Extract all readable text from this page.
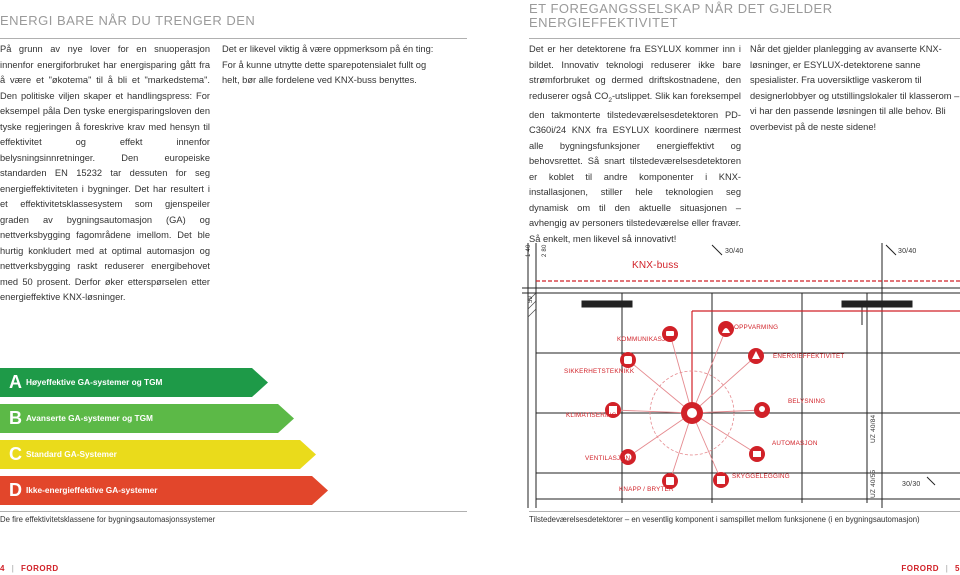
ENERGI BARE NÅR DU TRENGER DEN
ET FOREGANGSSELSKAP NÅR DET GJELDER
ENERGIEFFEKTIVITET

På grunn av nye lover for en snuoperasjon innenfor energiforbruket har energisparing gått fra å være et "økotema" til å bli et "markedstema". Den politiske viljen skaper et handlingspress: For eksempel påla Den tyske energisparingsloven den tyske regjeringen å foreskrive krav med hensyn til effektivitet og effekt innenfor belysningsinnretninger. Den europeiske standarden EN 15232 tar dessuten for seg energieffektiviteten i bygninger. Det har resultert i et effektivitetsklassesystem som gjenspeiler graden av bygningsautomasjon (GA) og nettverksbygging fagområdene imellom. Det ble hurtig konkludert med at optimal automasjon og nettverksbygging raskt reduserer energibehovet med 50 prosent. Derfor øker etterspørselen etter energieffektive KNX-løsninger.

Det er likevel viktig å være oppmerksom på én ting: For å kunne utnytte dette sparepotensialet fullt og helt, bør alle fordelene ved KNX-buss benyttes.

A Høyeffektive GA-systemer og TGM
B Avanserte GA-systemer og TGM
C Standard GA-Systemer
D Ikke-energieffektive GA-systemer
De fire effektivitetsklassene for bygningsautomasjonssystemer

Det er her detektorene fra ESYLUX kommer inn i bildet. Innovativ teknologi reduserer ikke bare strømforbruket og dermed driftskostnadene, den reduserer også $CO_2$-utslippet. Slik kan foreksempel den takmonterte tilstedeværelsesdetektoren PD-C360i/24 KNX fra ESYLUX koordinere nærmest alle bygningsfunksjoner energieffektivt og behovsrettet. Så snart tilstedeværelsesdetektoren er koblet til andre komponenter i KNX-installasjonen, stiller hele teknologien seg dynamisk om til den aktuelle situasjonen – avhengig av personers tilstedeværelse eller fravær. Så enkelt, men likevel så innovativt!

Når det gjelder planlegging av avanserte KNX-løsninger, er ESYLUX-detektorene sanne spesialister. Fra uoversiktlige vaskerom til designerlobbyer og utstillingslokaler til klasserom – vi har den passende løsningen til alle behov. Bli overbevist på de neste sidene!

KNX-buss
30/40	30/40
1 40 2 80
59
UZ 40/84
UZ 40/55	30/30
KOMMUNIKASJON
OPPVARMING
ENERGIEFFEKTIVITET
SIKKERHETSTEKNIKK
BELYSNING
KLIMATISERING
AUTOMASJON
VENTILASJON
SKYGGELEGGING
KNAPP / BRYTER
Tilstedeværelsesdetektorer – en vesentlig komponent i samspillet mellom funksjonene (i en bygningsautomasjon)
4 | FORORD	FORORD | 5
